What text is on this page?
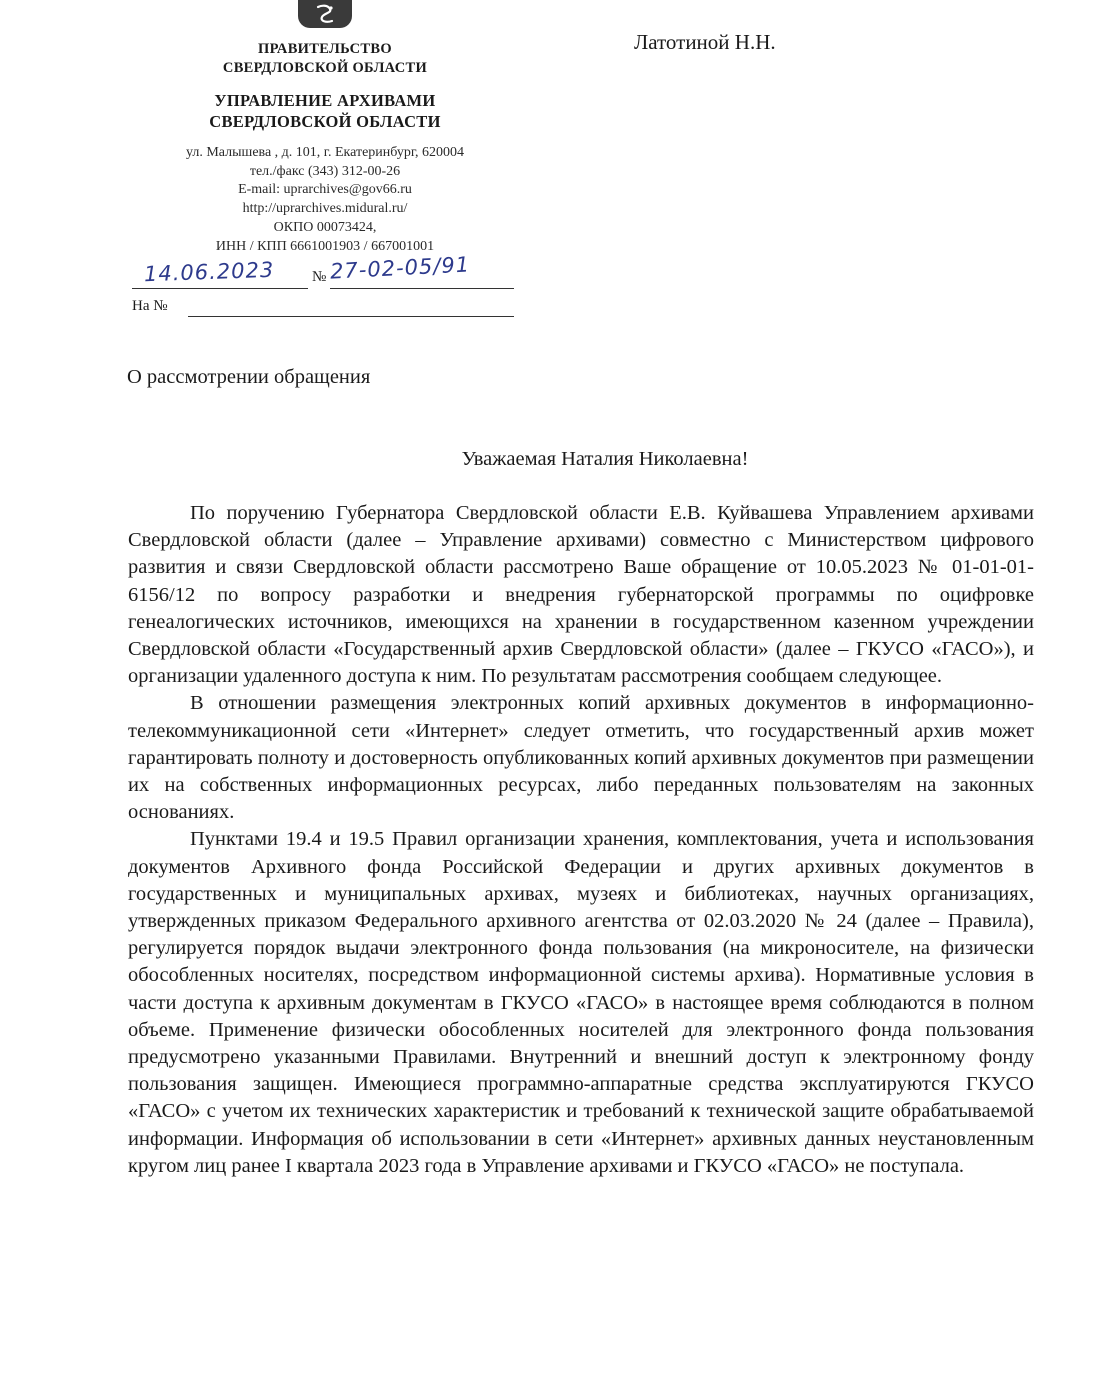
ПРАВИТЕЛЬСТВО
СВЕРДЛОВСКОЙ ОБЛАСТИ
УПРАВЛЕНИЕ АРХИВАМИ
СВЕРДЛОВСКОЙ ОБЛАСТИ
ул. Малышева , д. 101, г. Екатеринбург, 620004
тел./факс (343) 312-00-26
E-mail: uprarchives@gov66.ru
http://uprarchives.midural.ru/
ОКПО 00073424,
ИНН / КПП 6661001903 / 667001001
Латотиной Н.Н.
14.06.2023 № 27-02-05/91
На №
О рассмотрении обращения
Уважаемая Наталия Николаевна!

По поручению Губернатора Свердловской области Е.В. Куйвашева Управлением архивами Свердловской области (далее – Управление архивами) совместно с Министерством цифрового развития и связи Свердловской области рассмотрено Ваше обращение от 10.05.2023 № 01-01-01-6156/12 по вопросу разработки и внедрения губернаторской программы по оцифровке генеалогических источников, имеющихся на хранении в государственном казенном учреждении Свердловской области «Государственный архив Свердловской области» (далее – ГКУСО «ГАСО»), и организации удаленного доступа к ним. По результатам рассмотрения сообщаем следующее.

В отношении размещения электронных копий архивных документов в информационно-телекоммуникационной сети «Интернет» следует отметить, что государственный архив может гарантировать полноту и достоверность опубликованных копий архивных документов при размещении их на собственных информационных ресурсах, либо переданных пользователям на законных основаниях.

Пунктами 19.4 и 19.5 Правил организации хранения, комплектования, учета и использования документов Архивного фонда Российской Федерации и других архивных документов в государственных и муниципальных архивах, музеях и библиотеках, научных организациях, утвержденных приказом Федерального архивного агентства от 02.03.2020 № 24 (далее – Правила), регулируется порядок выдачи электронного фонда пользования (на микроносителе, на физически обособленных носителях, посредством информационной системы архива). Нормативные условия в части доступа к архивным документам в ГКУСО «ГАСО» в настоящее время соблюдаются в полном объеме. Применение физически обособленных носителей для электронного фонда пользования предусмотрено указанными Правилами. Внутренний и внешний доступ к электронному фонду пользования защищен. Имеющиеся программно-аппаратные средства эксплуатируются ГКУСО «ГАСО» с учетом их технических характеристик и требований к технической защите обрабатываемой информации. Информация об использовании в сети «Интернет» архивных данных неустановленным кругом лиц ранее I квартала 2023 года в Управление архивами и ГКУСО «ГАСО» не поступала.
